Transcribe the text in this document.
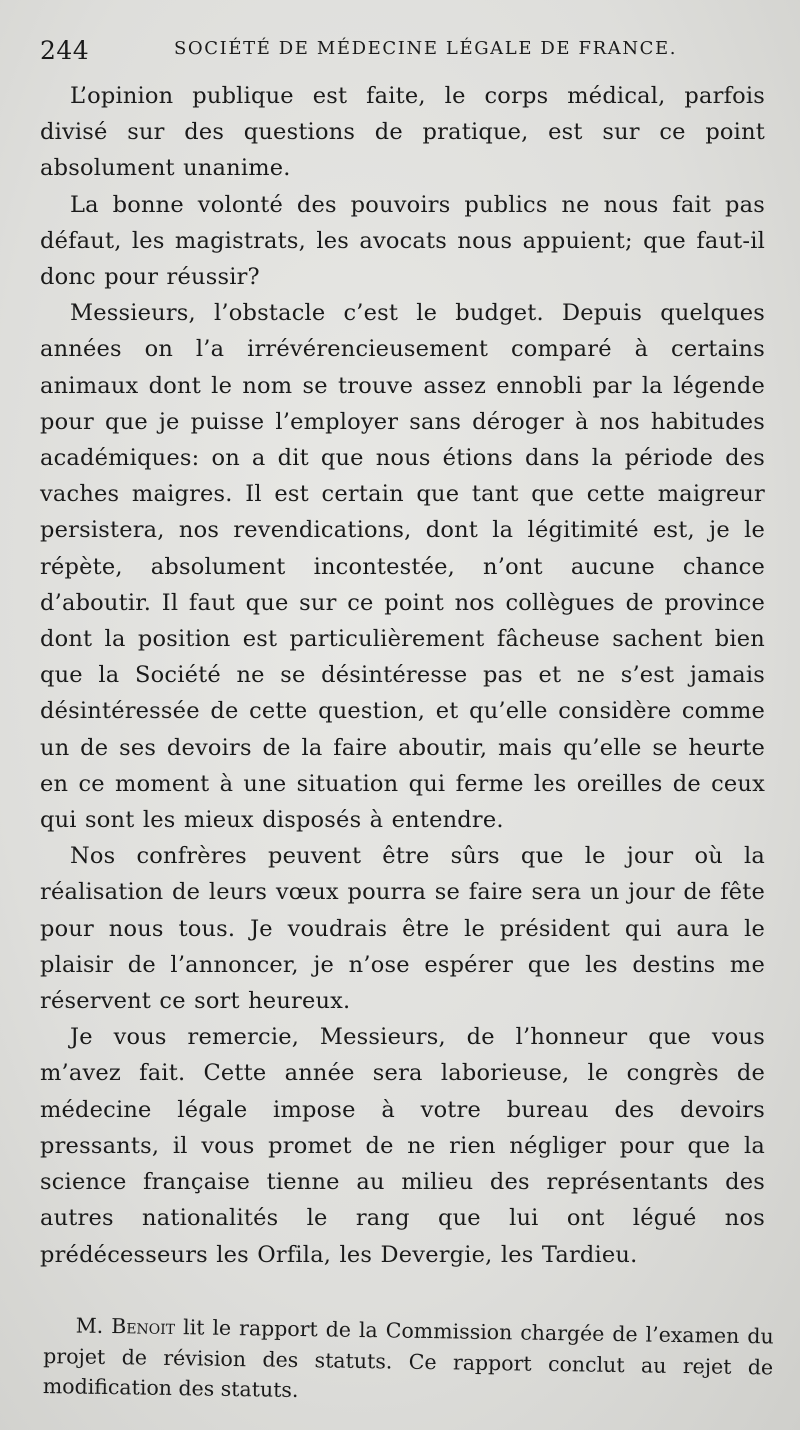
244	SOCIÉTÉ DE MÉDECINE LÉGALE DE FRANCE.

L’opinion publique est faite, le corps médical, parfois divisé sur des questions de pratique, est sur ce point absolument unanime.

La bonne volonté des pouvoirs publics ne nous fait pas défaut, les magistrats, les avocats nous appuient; que faut-il donc pour réussir?

Messieurs, l’obstacle c’est le budget. Depuis quelques années on l’a irrévérencieusement comparé à certains animaux dont le nom se trouve assez ennobli par la légende pour que je puisse l’employer sans déroger à nos habitudes académiques: on a dit que nous étions dans la période des vaches maigres. Il est certain que tant que cette maigreur persistera, nos revendications, dont la légitimité est, je le répète, absolument incontestée, n’ont aucune chance d’aboutir. Il faut que sur ce point nos collègues de province dont la position est particulièrement fâcheuse sachent bien que la Société ne se désintéresse pas et ne s’est jamais désintéressée de cette question, et qu’elle considère comme un de ses devoirs de la faire aboutir, mais qu’elle se heurte en ce moment à une situation qui ferme les oreilles de ceux qui sont les mieux disposés à entendre.

Nos confrères peuvent être sûrs que le jour où la réalisation de leurs vœux pourra se faire sera un jour de fête pour nous tous. Je voudrais être le président qui aura le plaisir de l’annoncer, je n’ose espérer que les destins me réservent ce sort heureux.

Je vous remercie, Messieurs, de l’honneur que vous m’avez fait. Cette année sera laborieuse, le congrès de médecine légale impose à votre bureau des devoirs pressants, il vous promet de ne rien négliger pour que la science française tienne au milieu des représentants des autres nationalités le rang que lui ont légué nos prédécesseurs les Orfila, les Devergie, les Tardieu.

M. Benoit lit le rapport de la Commission chargée de l’examen du projet de révision des statuts. Ce rapport conclut au rejet de modification des statuts.
